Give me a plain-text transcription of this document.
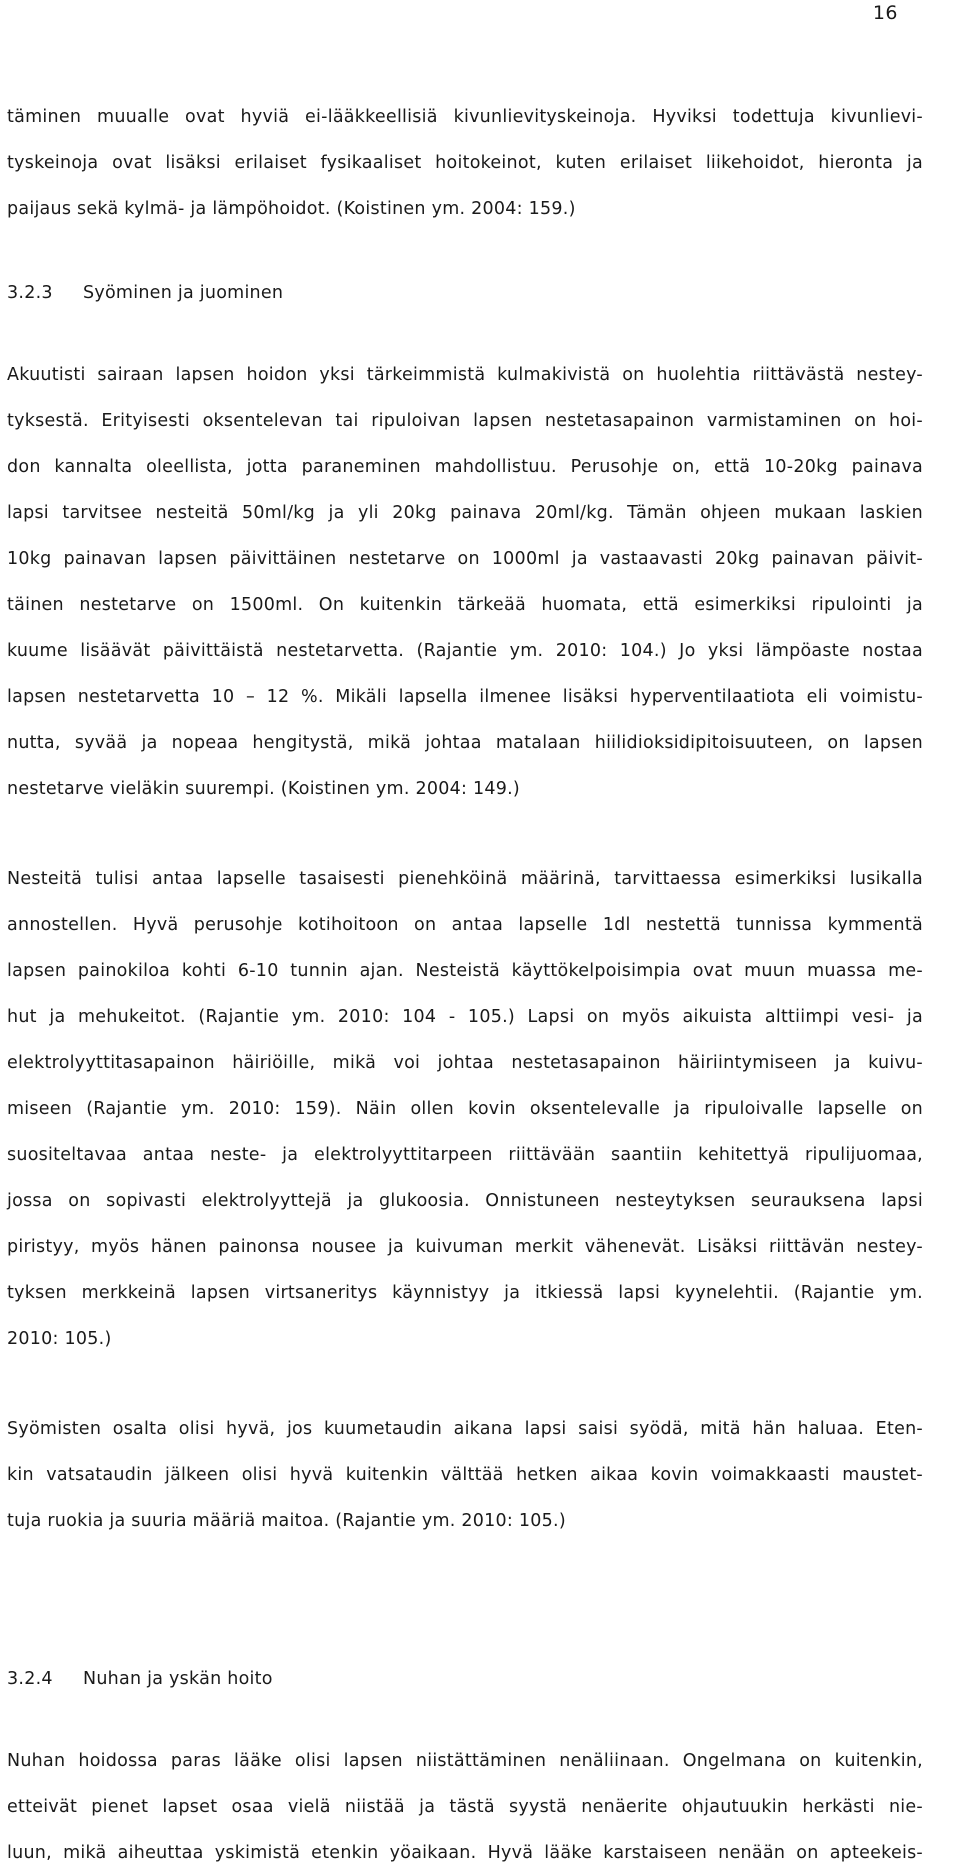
16

täminen muualle ovat hyviä ei-lääkkeellisiä kivunlievityskeinoja. Hyviksi todettuja kivunlievi-
tyskeinoja ovat lisäksi erilaiset fysikaaliset hoitokeinot, kuten erilaiset liikehoidot, hieronta ja
paijaus sekä kylmä- ja lämpöhoidot. (Koistinen ym. 2004: 159.)

3.2.3 Syöminen ja juominen

Akuutisti sairaan lapsen hoidon yksi tärkeimmistä kulmakivistä on huolehtia riittävästä nestey-
tyksestä. Erityisesti oksentelevan tai ripuloivan lapsen nestetasapainon varmistaminen on hoi-
don kannalta oleellista, jotta paraneminen mahdollistuu. Perusohje on, että 10-20kg painava
lapsi tarvitsee nesteitä 50ml/kg ja yli 20kg painava 20ml/kg. Tämän ohjeen mukaan laskien
10kg painavan lapsen päivittäinen nestetarve on 1000ml ja vastaavasti 20kg painavan päivit-
täinen nestetarve on 1500ml. On kuitenkin tärkeää huomata, että esimerkiksi ripulointi ja
kuume lisäävät päivittäistä nestetarvetta. (Rajantie ym. 2010: 104.) Jo yksi lämpöaste nostaa
lapsen nestetarvetta 10 – 12 %. Mikäli lapsella ilmenee lisäksi hyperventilaatiota eli voimistu-
nutta, syvää ja nopeaa hengitystä, mikä johtaa matalaan hiilidioksidipitoisuuteen, on lapsen
nestetarve vieläkin suurempi. (Koistinen ym. 2004: 149.)

Nesteitä tulisi antaa lapselle tasaisesti pienehköinä määrinä, tarvittaessa esimerkiksi lusikalla
annostellen. Hyvä perusohje kotihoitoon on antaa lapselle 1dl nestettä tunnissa kymmentä
lapsen painokiloa kohti 6-10 tunnin ajan. Nesteistä käyttökelpoisimpia ovat muun muassa me-
hut ja mehukeitot. (Rajantie ym. 2010: 104 - 105.) Lapsi on myös aikuista alttiimpi vesi- ja
elektrolyyttitasapainon häiriöille, mikä voi johtaa nestetasapainon häiriintymiseen ja kuivu-
miseen (Rajantie ym. 2010: 159). Näin ollen kovin oksentelevalle ja ripuloivalle lapselle on
suositeltavaa antaa neste- ja elektrolyyttitarpeen riittävään saantiin kehitettyä ripulijuomaa,
jossa on sopivasti elektrolyyttejä ja glukoosia. Onnistuneen nesteytyksen seurauksena lapsi
piristyy, myös hänen painonsa nousee ja kuivuman merkit vähenevät. Lisäksi riittävän nestey-
tyksen merkkeinä lapsen virtsaneritys käynnistyy ja itkiessä lapsi kyynelehtii. (Rajantie ym.
2010: 105.)

Syömisten osalta olisi hyvä, jos kuumetaudin aikana lapsi saisi syödä, mitä hän haluaa. Eten-
kin vatsataudin jälkeen olisi hyvä kuitenkin välttää hetken aikaa kovin voimakkaasti maustet-
tuja ruokia ja suuria määriä maitoa. (Rajantie ym. 2010: 105.)

3.2.4 Nuhan ja yskän hoito

Nuhan hoidossa paras lääke olisi lapsen niistättäminen nenäliinaan. Ongelmana on kuitenkin,
etteivät pienet lapset osaa vielä niistää ja tästä syystä nenäerite ohjautuukin herkästi nie-
luun, mikä aiheuttaa yskimistä etenkin yöaikaan. Hyvä lääke karstaiseen nenään on apteekeis-
